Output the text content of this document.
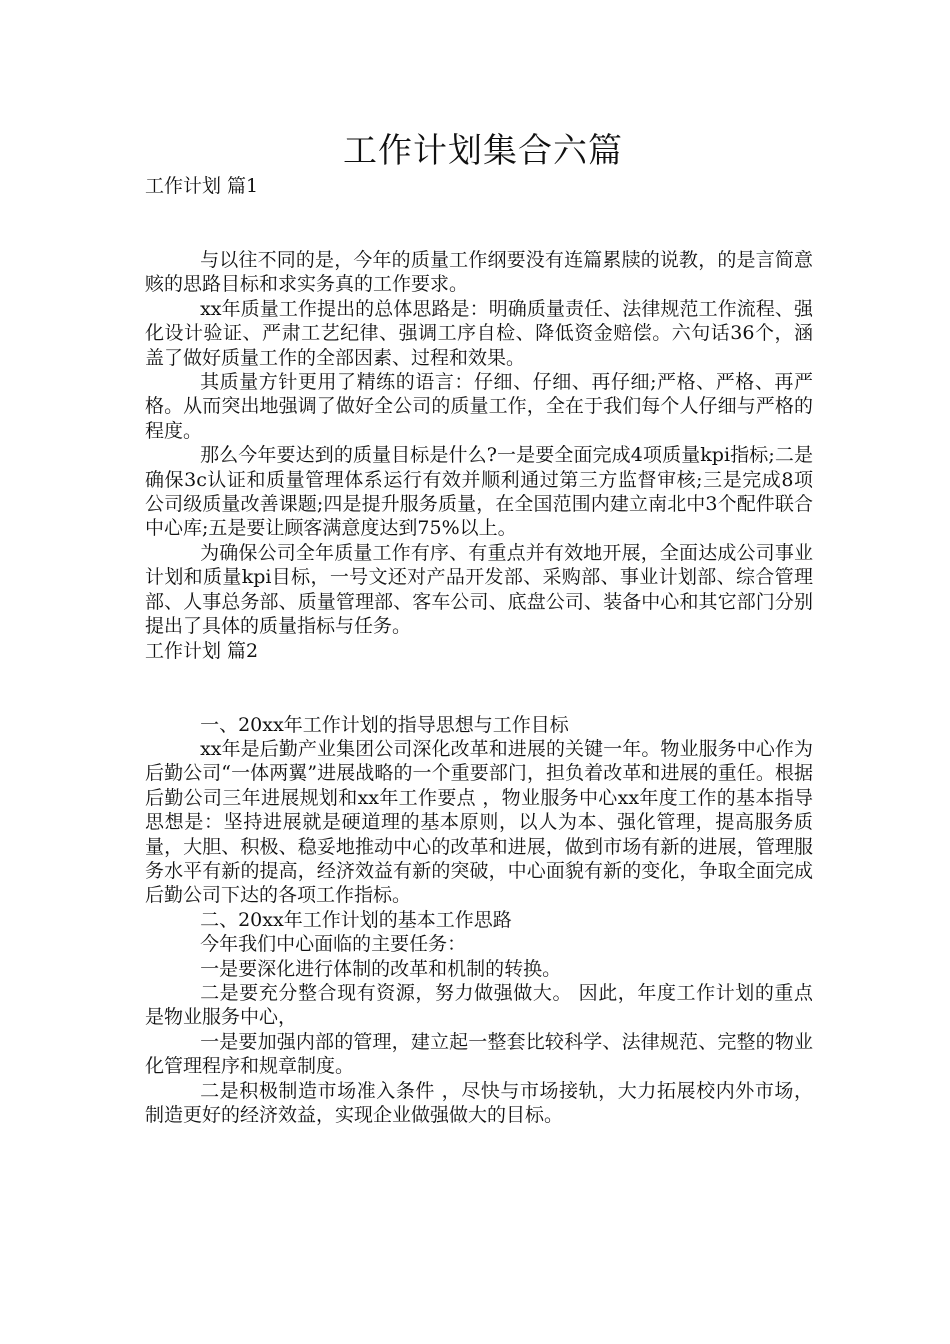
工作计划集合六篇

工作计划 篇1

与以往不同的是，今年的质量工作纲要没有连篇累牍的说教，的是言简意赅的思路目标和求实务真的工作要求。

xx年质量工作提出的总体思路是：明确质量责任、法律规范工作流程、强化设计验证、严肃工艺纪律、强调工序自检、降低资金赔偿。六句话36个，涵盖了做好质量工作的全部因素、过程和效果。

其质量方针更用了精练的语言：仔细、仔细、再仔细;严格、严格、再严格。从而突出地强调了做好全公司的质量工作，全在于我们每个人仔细与严格的程度。

那么今年要达到的质量目标是什么?一是要全面完成4项质量kpi指标;二是确保3c认证和质量管理体系运行有效并顺利通过第三方监督审核;三是完成8项公司级质量改善课题;四是提升服务质量，在全国范围内建立南北中3个配件联合中心库;五是要让顾客满意度达到75%以上。

为确保公司全年质量工作有序、有重点并有效地开展，全面达成公司事业计划和质量kpi目标，一号文还对产品开发部、采购部、事业计划部、综合管理部、人事总务部、质量管理部、客车公司、底盘公司、装备中心和其它部门分别提出了具体的质量指标与任务。

工作计划 篇2

一、20xx年工作计划的指导思想与工作目标

xx年是后勤产业集团公司深化改革和进展的关键一年。物业服务中心作为后勤公司“一体两翼”进展战略的一个重要部门，担负着改革和进展的重任。根据后勤公司三年进展规划和xx年工作要点 ，物业服务中心xx年度工作的基本指导思想是：坚持进展就是硬道理的基本原则，以人为本、强化管理，提高服务质量，大胆、积极、稳妥地推动中心的改革和进展，做到市场有新的进展，管理服务水平有新的提高，经济效益有新的突破，中心面貌有新的变化，争取全面完成后勤公司下达的各项工作指标。

二、20xx年工作计划的基本工作思路

今年我们中心面临的主要任务：

一是要深化进行体制的改革和机制的转换。

二是要充分整合现有资源，努力做强做大。 因此，年度工作计划的重点是物业服务中心，

一是要加强内部的管理，建立起一整套比较科学、法律规范、完整的物业化管理程序和规章制度。

二是积极制造市场准入条件 ，尽快与市场接轨，大力拓展校内外市场，制造更好的经济效益，实现企业做强做大的目标。
